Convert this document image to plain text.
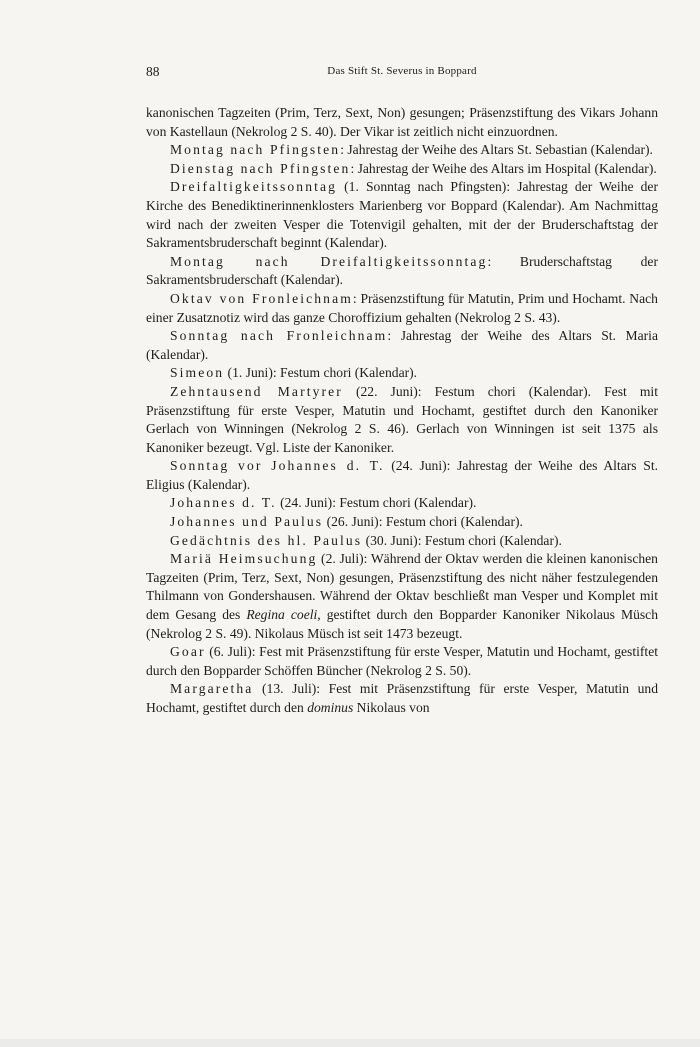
88	Das Stift St. Severus in Boppard

kanonischen Tagzeiten (Prim, Terz, Sext, Non) gesungen; Präsenzstiftung des Vikars Johann von Kastellaun (Nekrolog 2 S. 40). Der Vikar ist zeitlich nicht einzuordnen.

Montag nach Pfingsten: Jahrestag der Weihe des Altars St. Sebastian (Kalendar).

Dienstag nach Pfingsten: Jahrestag der Weihe des Altars im Hospital (Kalendar).

Dreifaltigkeitssonntag (1. Sonntag nach Pfingsten): Jahrestag der Weihe der Kirche des Benediktinerinnenklosters Marienberg vor Boppard (Kalendar). Am Nachmittag wird nach der zweiten Vesper die Totenvigil gehalten, mit der der Bruderschaftstag der Sakramentsbruderschaft beginnt (Kalendar).

Montag nach Dreifaltigkeitssonntag: Bruderschaftstag der Sakramentsbruderschaft (Kalendar).

Oktav von Fronleichnam: Präsenzstiftung für Matutin, Prim und Hochamt. Nach einer Zusatznotiz wird das ganze Choroffizium gehalten (Nekrolog 2 S. 43).

Sonntag nach Fronleichnam: Jahrestag der Weihe des Altars St. Maria (Kalendar).

Simeon (1. Juni): Festum chori (Kalendar).

Zehntausend Martyrer (22. Juni): Festum chori (Kalendar). Fest mit Präsenzstiftung für erste Vesper, Matutin und Hochamt, gestiftet durch den Kanoniker Gerlach von Winningen (Nekrolog 2 S. 46). Gerlach von Winningen ist seit 1375 als Kanoniker bezeugt. Vgl. Liste der Kanoniker.

Sonntag vor Johannes d. T. (24. Juni): Jahrestag der Weihe des Altars St. Eligius (Kalendar).

Johannes d. T. (24. Juni): Festum chori (Kalendar).

Johannes und Paulus (26. Juni): Festum chori (Kalendar).

Gedächtnis des hl. Paulus (30. Juni): Festum chori (Kalendar).

Mariä Heimsuchung (2. Juli): Während der Oktav werden die kleinen kanonischen Tagzeiten (Prim, Terz, Sext, Non) gesungen, Präsenzstiftung des nicht näher festzulegenden Thilmann von Gondershausen. Während der Oktav beschließt man Vesper und Komplet mit dem Gesang des Regina coeli, gestiftet durch den Bopparder Kanoniker Nikolaus Müsch (Nekrolog 2 S. 49). Nikolaus Müsch ist seit 1473 bezeugt.

Goar (6. Juli): Fest mit Präsenzstiftung für erste Vesper, Matutin und Hochamt, gestiftet durch den Bopparder Schöffen Büncher (Nekrolog 2 S. 50).

Margaretha (13. Juli): Fest mit Präsenzstiftung für erste Vesper, Matutin und Hochamt, gestiftet durch den dominus Nikolaus von
